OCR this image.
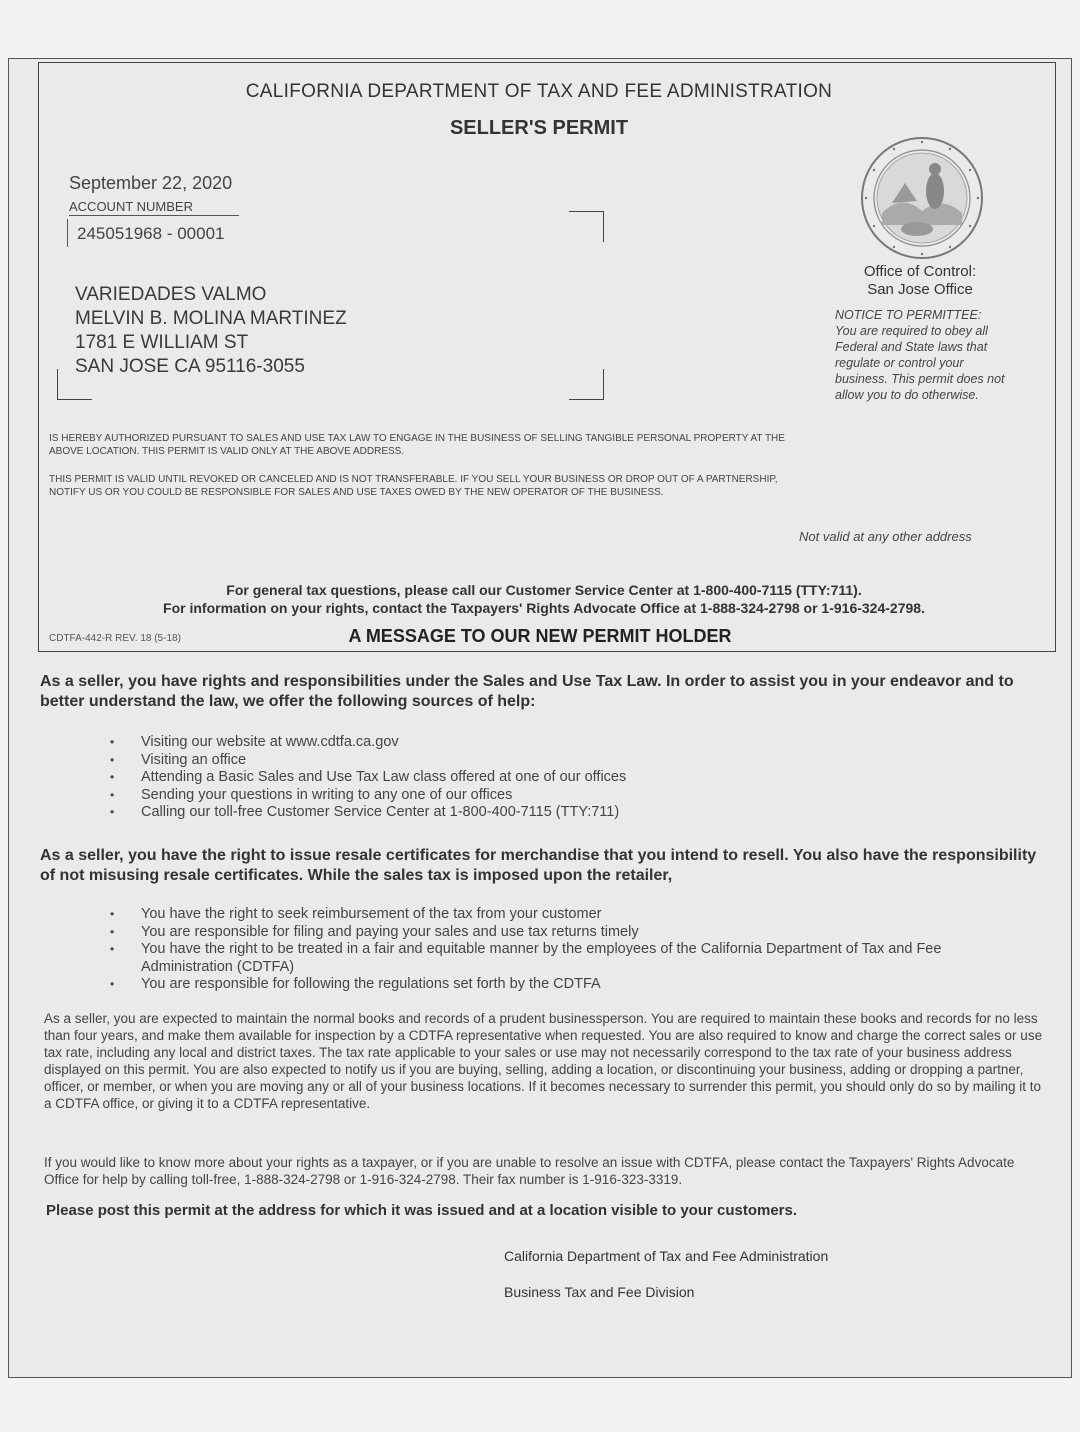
CALIFORNIA DEPARTMENT OF TAX AND FEE ADMINISTRATION
SELLER'S PERMIT
September 22, 2020
ACCOUNT NUMBER
245051968 - 00001
VARIEDADES VALMO
MELVIN B. MOLINA MARTINEZ
1781 E WILLIAM ST
SAN JOSE CA 95116-3055
Office of Control:
San Jose Office
NOTICE TO PERMITTEE:
You are required to obey all Federal and State laws that regulate or control your business. This permit does not allow you to do otherwise.
IS HEREBY AUTHORIZED PURSUANT TO SALES AND USE TAX LAW TO ENGAGE IN THE BUSINESS OF SELLING TANGIBLE PERSONAL PROPERTY AT THE ABOVE LOCATION. THIS PERMIT IS VALID ONLY AT THE ABOVE ADDRESS.
THIS PERMIT IS VALID UNTIL REVOKED OR CANCELED AND IS NOT TRANSFERABLE. IF YOU SELL YOUR BUSINESS OR DROP OUT OF A PARTNERSHIP, NOTIFY US OR YOU COULD BE RESPONSIBLE FOR SALES AND USE TAXES OWED BY THE NEW OPERATOR OF THE BUSINESS.
Not valid at any other address
For general tax questions, please call our Customer Service Center at 1-800-400-7115 (TTY:711).
For information on your rights, contact the Taxpayers' Rights Advocate Office at 1-888-324-2798 or 1-916-324-2798.
CDTFA-442-R REV. 18 (5-18)	A MESSAGE TO OUR NEW PERMIT HOLDER
As a seller, you have rights and responsibilities under the Sales and Use Tax Law. In order to assist you in your endeavor and to better understand the law, we offer the following sources of help:
• Visiting our website at www.cdtfa.ca.gov
• Visiting an office
• Attending a Basic Sales and Use Tax Law class offered at one of our offices
• Sending your questions in writing to any one of our offices
• Calling our toll-free Customer Service Center at 1-800-400-7115 (TTY:711)
As a seller, you have the right to issue resale certificates for merchandise that you intend to resell. You also have the responsibility of not misusing resale certificates. While the sales tax is imposed upon the retailer,
• You have the right to seek reimbursement of the tax from your customer
• You are responsible for filing and paying your sales and use tax returns timely
• You have the right to be treated in a fair and equitable manner by the employees of the California Department of Tax and Fee Administration (CDTFA)
• You are responsible for following the regulations set forth by the CDTFA
As a seller, you are expected to maintain the normal books and records of a prudent businessperson. You are required to maintain these books and records for no less than four years, and make them available for inspection by a CDTFA representative when requested. You are also required to know and charge the correct sales or use tax rate, including any local and district taxes. The tax rate applicable to your sales or use may not necessarily correspond to the tax rate of your business address displayed on this permit. You are also expected to notify us if you are buying, selling, adding a location, or discontinuing your business, adding or dropping a partner, officer, or member, or when you are moving any or all of your business locations. If it becomes necessary to surrender this permit, you should only do so by mailing it to a CDTFA office, or giving it to a CDTFA representative.
If you would like to know more about your rights as a taxpayer, or if you are unable to resolve an issue with CDTFA, please contact the Taxpayers' Rights Advocate Office for help by calling toll-free, 1-888-324-2798 or 1-916-324-2798. Their fax number is 1-916-323-3319.
Please post this permit at the address for which it was issued and at a location visible to your customers.
California Department of Tax and Fee Administration
Business Tax and Fee Division
